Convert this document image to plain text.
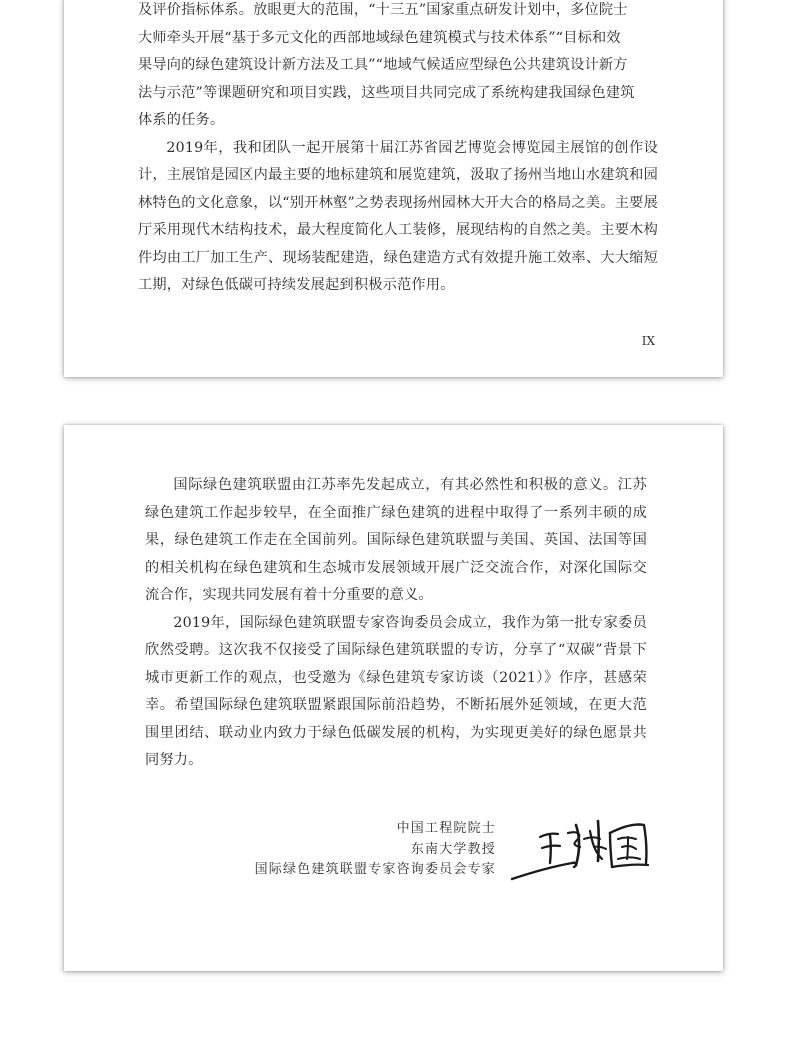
及评价指标体系。放眼更大的范围，“十三五”国家重点研发计划中，多位院士

大师牵头开展“基于多元文化的西部地域绿色建筑模式与技术体系”“目标和效

果导向的绿色建筑设计新方法及工具”“地域气候适应型绿色公共建筑设计新方

法与示范”等课题研究和项目实践，这些项目共同完成了系统构建我国绿色建筑

体系的任务。

2019年，我和团队一起开展第十届江苏省园艺博览会博览园主展馆的创作设计，主展馆是园区内最主要的地标建筑和展览建筑，汲取了扬州当地山水建筑和园林特色的文化意象，以“别开林壑”之势表现扬州园林大开大合的格局之美。主要展厅采用现代木结构技术，最大程度简化人工装修，展现结构的自然之美。主要木构件均由工厂加工生产、现场装配建造，绿色建造方式有效提升施工效率、大大缩短工期，对绿色低碳可持续发展起到积极示范作用。

IX

国际绿色建筑联盟由江苏率先发起成立，有其必然性和积极的意义。江苏绿色建筑工作起步较早，在全面推广绿色建筑的进程中取得了一系列丰硕的成果，绿色建筑工作走在全国前列。国际绿色建筑联盟与美国、英国、法国等国的相关机构在绿色建筑和生态城市发展领域开展广泛交流合作，对深化国际交流合作，实现共同发展有着十分重要的意义。

2019年，国际绿色建筑联盟专家咨询委员会成立，我作为第一批专家委员欣然受聘。这次我不仅接受了国际绿色建筑联盟的专访，分享了“双碳”背景下城市更新工作的观点，也受邀为《绿色建筑专家访谈（2021）》作序，甚感荣幸。希望国际绿色建筑联盟紧跟国际前沿趋势，不断拓展外延领域，在更大范围里团结、联动业内致力于绿色低碳发展的机构，为实现更美好的绿色愿景共同努力。

中国工程院院士
东南大学教授
国际绿色建筑联盟专家咨询委员会专家
